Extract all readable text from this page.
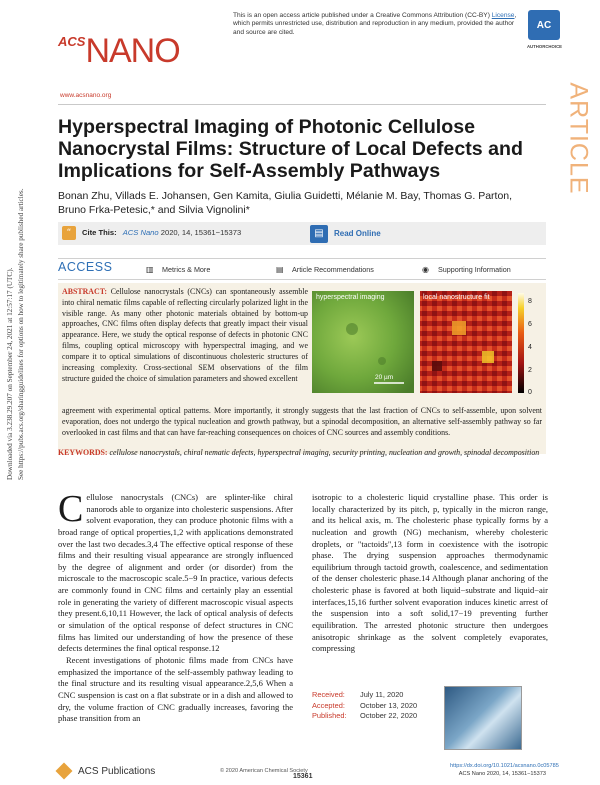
Downloaded via 3.238.29.207 on September 24, 2021 at 12:57:17 (UTC). See https://pubs.acs.org/sharingguidelines for options on how to legitimately share published articles.
This is an open access article published under a Creative Commons Attribution (CC-BY) License, which permits unrestricted use, distribution and reproduction in any medium, provided the author and source are cited.
AC
AUTHORCHOICE
$^{ACS}$NANO
www.acsnano.org	ARTICLE
Hyperspectral Imaging of Photonic Cellulose Nanocrystal Films: Structure of Local Defects and Implications for Self-Assembly Pathways
Bonan Zhu, Villads E. Johansen, Gen Kamita, Giulia Guidetti, Mélanie M. Bay, Thomas G. Parton,
Bruno Frka-Petesic,* and Silvia Vignolini*
“	Cite This: ACS Nano 2020, 14, 15361−15373	▤	Read Online
ACCESS	▥ Metrics & More	▤ Article Recommendations	◉ Supporting Information
ABSTRACT: Cellulose nanocrystals (CNCs) can spontaneously assemble into chiral nematic films capable of reflecting circularly polarized light in the visible range. As many other photonic materials obtained by bottom-up approaches, CNC films often display defects that greatly impact their visual appearance. Here, we study the optical response of defects in photonic CNC films, coupling optical microscopy with hyperspectral imaging, and we compare it to optical simulations of discontinuous cholesteric structures of increasing complexity. Cross-sectional SEM observations of the film structure guided the choice of simulation parameters and showed excellent	20 µm
hyperspectral imaging	local nanostructure fit
8
6
4
2
0
agreement with experimental optical patterns. More importantly, it strongly suggests that the last fraction of CNCs to self-assemble, upon solvent evaporation, does not undergo the typical nucleation and growth pathway, but a spinodal decomposition, an alternative self-assembly pathway so far overlooked in cast films and that can have far-reaching consequences on choices of CNC sources and assembly conditions.
KEYWORDS: cellulose nanocrystals, chiral nematic defects, hyperspectral imaging, security printing, nucleation and growth, spinodal decomposition

Cellulose nanocrystals (CNCs) are splinter-like chiral nanorods able to organize into cholesteric suspensions. After solvent evaporation, they can produce photonic films with a broad range of optical properties,1,2 with applications demonstrated over the last two decades.3,4 The effective optical response of these films and their resulting visual appearance are strongly influenced by the degree of alignment and order (or disorder) from the microscale to the macroscopic scale.5−9 In practice, various defects are commonly found in CNC films and certainly play an essential role in generating the variety of different macroscopic visual aspects they present.6,10,11 However, the lack of optical analysis of defects or simulation of the optical response of defect structures in CNC films has limited our understanding of how the presence of these defects determines the final optical response.12

Recent investigations of photonic films made from CNCs have emphasized the importance of the self-assembly pathway leading to the final structure and its resulting visual appearance.2,5,6 When a CNC suspension is cast on a flat substrate or in a dish and allowed to dry, the volume fraction of CNC gradually increases, favoring the phase transition from an

isotropic to a cholesteric liquid crystalline phase. This order is locally characterized by its pitch, p, typically in the micron range, and its helical axis, m. The cholesteric phase typically forms by a nucleation and growth (NG) mechanism, whereby cholesteric droplets, or "tactoids",13 form in coexistence with the isotropic phase. The drying suspension approaches thermodynamic equilibrium through tactoid growth, coalescence, and sedimentation of the denser cholesteric phase.14 Although planar anchoring of the cholesteric phase is favored at both liquid−substrate and liquid−air interfaces,15,16 further solvent evaporation induces kinetic arrest of the suspension into a soft solid,17−19 preventing further equilibration. The arrested photonic structure then undergoes anisotropic shrinkage as the solvent completely evaporates, compressing

Received: July 11, 2020
Accepted: October 13, 2020
Published: October 22, 2020
ACS Publications	© 2020 American Chemical Society
15361
https://dx.doi.org/10.1021/acsnano.0c05785
ACS Nano 2020, 14, 15361−15373
